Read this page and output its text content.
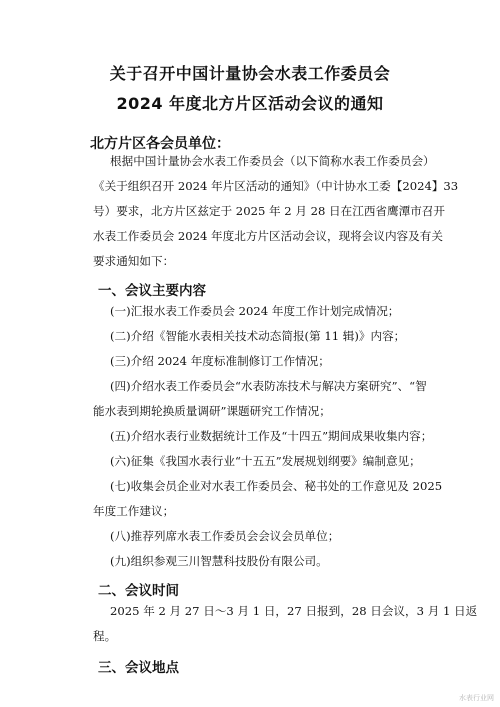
关于召开中国计量协会水表工作委员会
2024 年度北方片区活动会议的通知
北方片区各会员单位：
根据中国计量协会水表工作委员会（以下简称水表工作委员会）
《关于组织召开 2024 年片区活动的通知》（中计协水工委【2024】33
号）要求，北方片区兹定于 2025 年 2 月 28 日在江西省鹰潭市召开
水表工作委员会 2024 年度北方片区活动会议，现将会议内容及有关
要求通知如下：
一、会议主要内容
(一)汇报水表工作委员会 2024 年度工作计划完成情况；
(二)介绍《智能水表相关技术动态简报(第 11 辑)》内容；
(三)介绍 2024 年度标准制修订工作情况；
(四)介绍水表工作委员会“水表防冻技术与解决方案研究”、“智
能水表到期轮换质量调研”课题研究工作情况；
(五)介绍水表行业数据统计工作及“十四五”期间成果收集内容；
(六)征集《我国水表行业“十五五”发展规划纲要》编制意见；
(七)收集会员企业对水表工作委员会、秘书处的工作意见及 2025
年度工作建议；
(八)推荐列席水表工作委员会会议会员单位；
(九)组织参观三川智慧科技股份有限公司。
二、会议时间
2025 年 2 月 27 日～3 月 1 日，27 日报到，28 日会议，3 月 1 日返
程。
三、会议地点
水表行业网
